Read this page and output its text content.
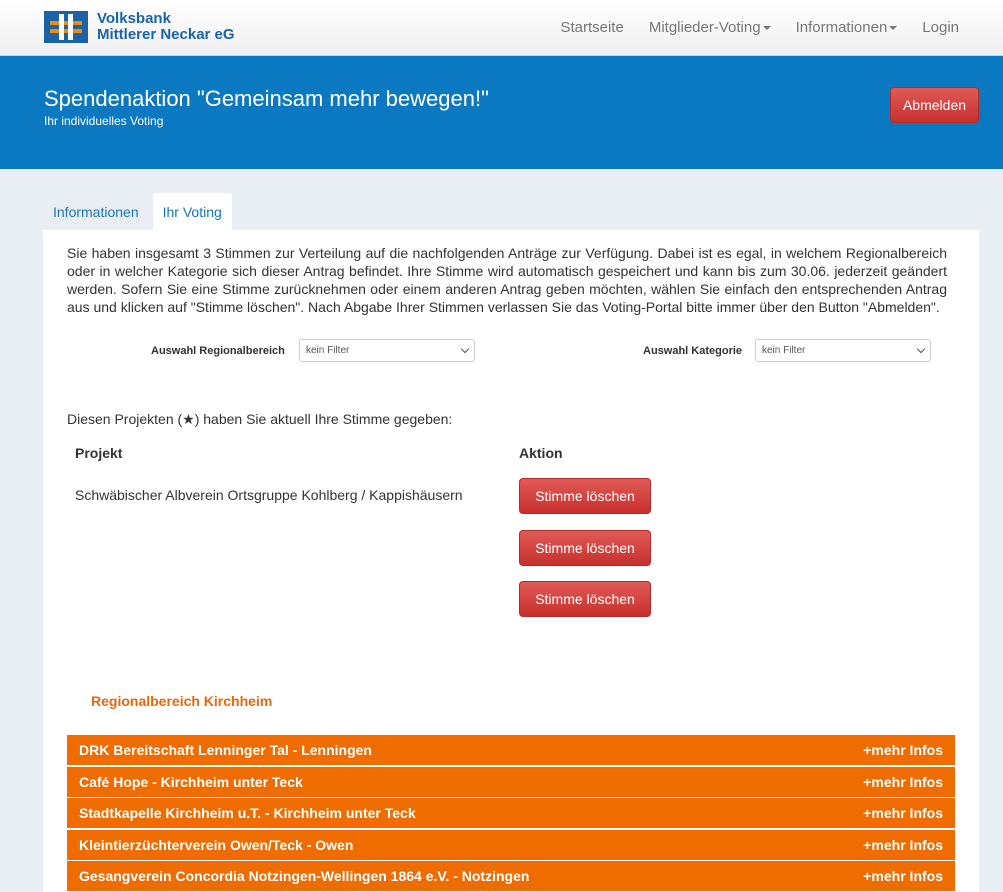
Volksbank
Mittlerer Neckar eG	Startseite Mitglieder-Voting	Informationen	Login
Spendenaktion "Gemeinsam mehr bewegen!"
Ihr individuelles Voting
Abmelden
Informationen	Ihr Voting

Sie haben insgesamt 3 Stimmen zur Verteilung auf die nachfolgenden Anträge zur Verfügung. Dabei ist es egal, in welchem Regionalbereich oder in welcher Kategorie sich dieser Antrag befindet. Ihre Stimme wird automatisch gespeichert und kann bis zum 30.06. jederzeit geändert werden. Sofern Sie eine Stimme zurücknehmen oder einem anderen Antrag geben möchten, wählen Sie einfach den entsprechenden Antrag aus und klicken auf "Stimme löschen". Nach Abgabe Ihrer Stimmen verlassen Sie das Voting-Portal bitte immer über den Button "Abmelden".

Auswahl Regionalbereich kein Filter	Auswahl Kategorie kein Filter
Diesen Projekten (★) haben Sie aktuell Ihre Stimme gegeben:
Projekt	Aktion
Schwäbischer Albverein Ortsgruppe Kohlberg / Kappishäusern	Stimme löschen
Stimme löschen
Stimme löschen
Regionalbereich Kirchheim
DRK Bereitschaft Lenninger Tal - Lenningen	+mehr Infos
Café Hope - Kirchheim unter Teck	+mehr Infos
Stadtkapelle Kirchheim u.T. - Kirchheim unter Teck	+mehr Infos
Kleintierzüchterverein Owen/Teck - Owen	+mehr Infos
Gesangverein Concordia Notzingen-Wellingen 1864 e.V. - Notzingen	+mehr Infos
